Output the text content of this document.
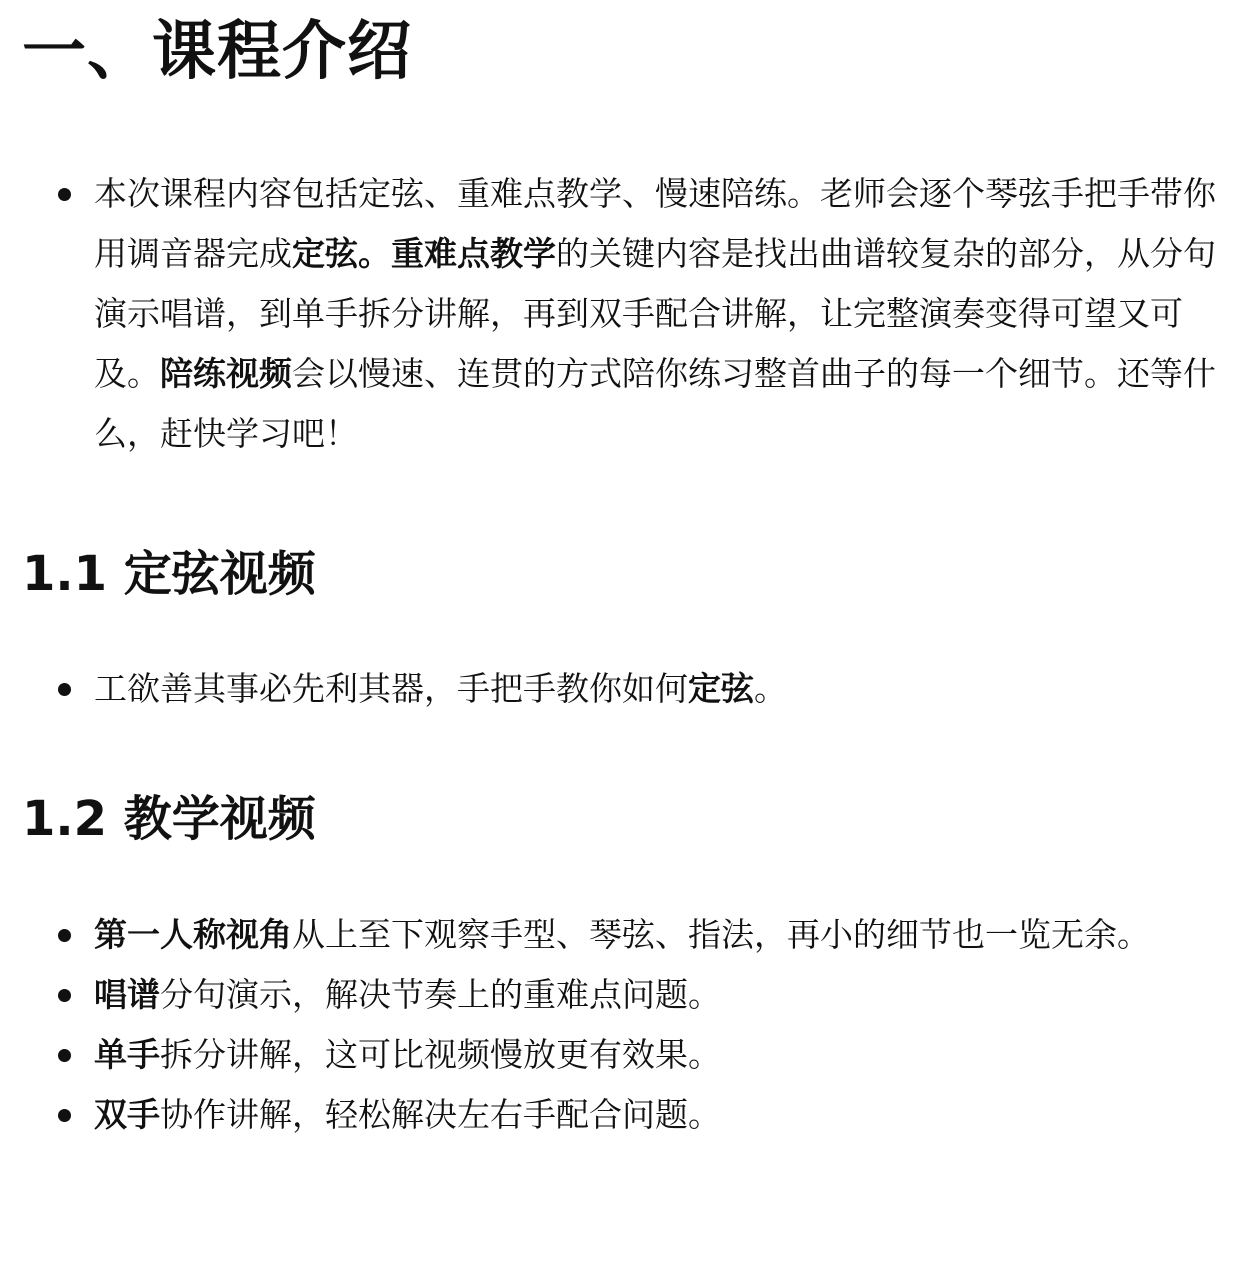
一、课程介绍
本次课程内容包括定弦、重难点教学、慢速陪练。老师会逐个琴弦手把手带你用调音器完成定弦。重难点教学的关键内容是找出曲谱较复杂的部分，从分句演示唱谱，到单手拆分讲解，再到双手配合讲解，让完整演奏变得可望又可及。陪练视频会以慢速、连贯的方式陪你练习整首曲子的每一个细节。还等什么，赶快学习吧！
1.1 定弦视频
工欲善其事必先利其器，手把手教你如何定弦。
1.2 教学视频
第一人称视角从上至下观察手型、琴弦、指法，再小的细节也一览无余。
唱谱分句演示，解决节奏上的重难点问题。
单手拆分讲解，这可比视频慢放更有效果。
双手协作讲解，轻松解决左右手配合问题。
